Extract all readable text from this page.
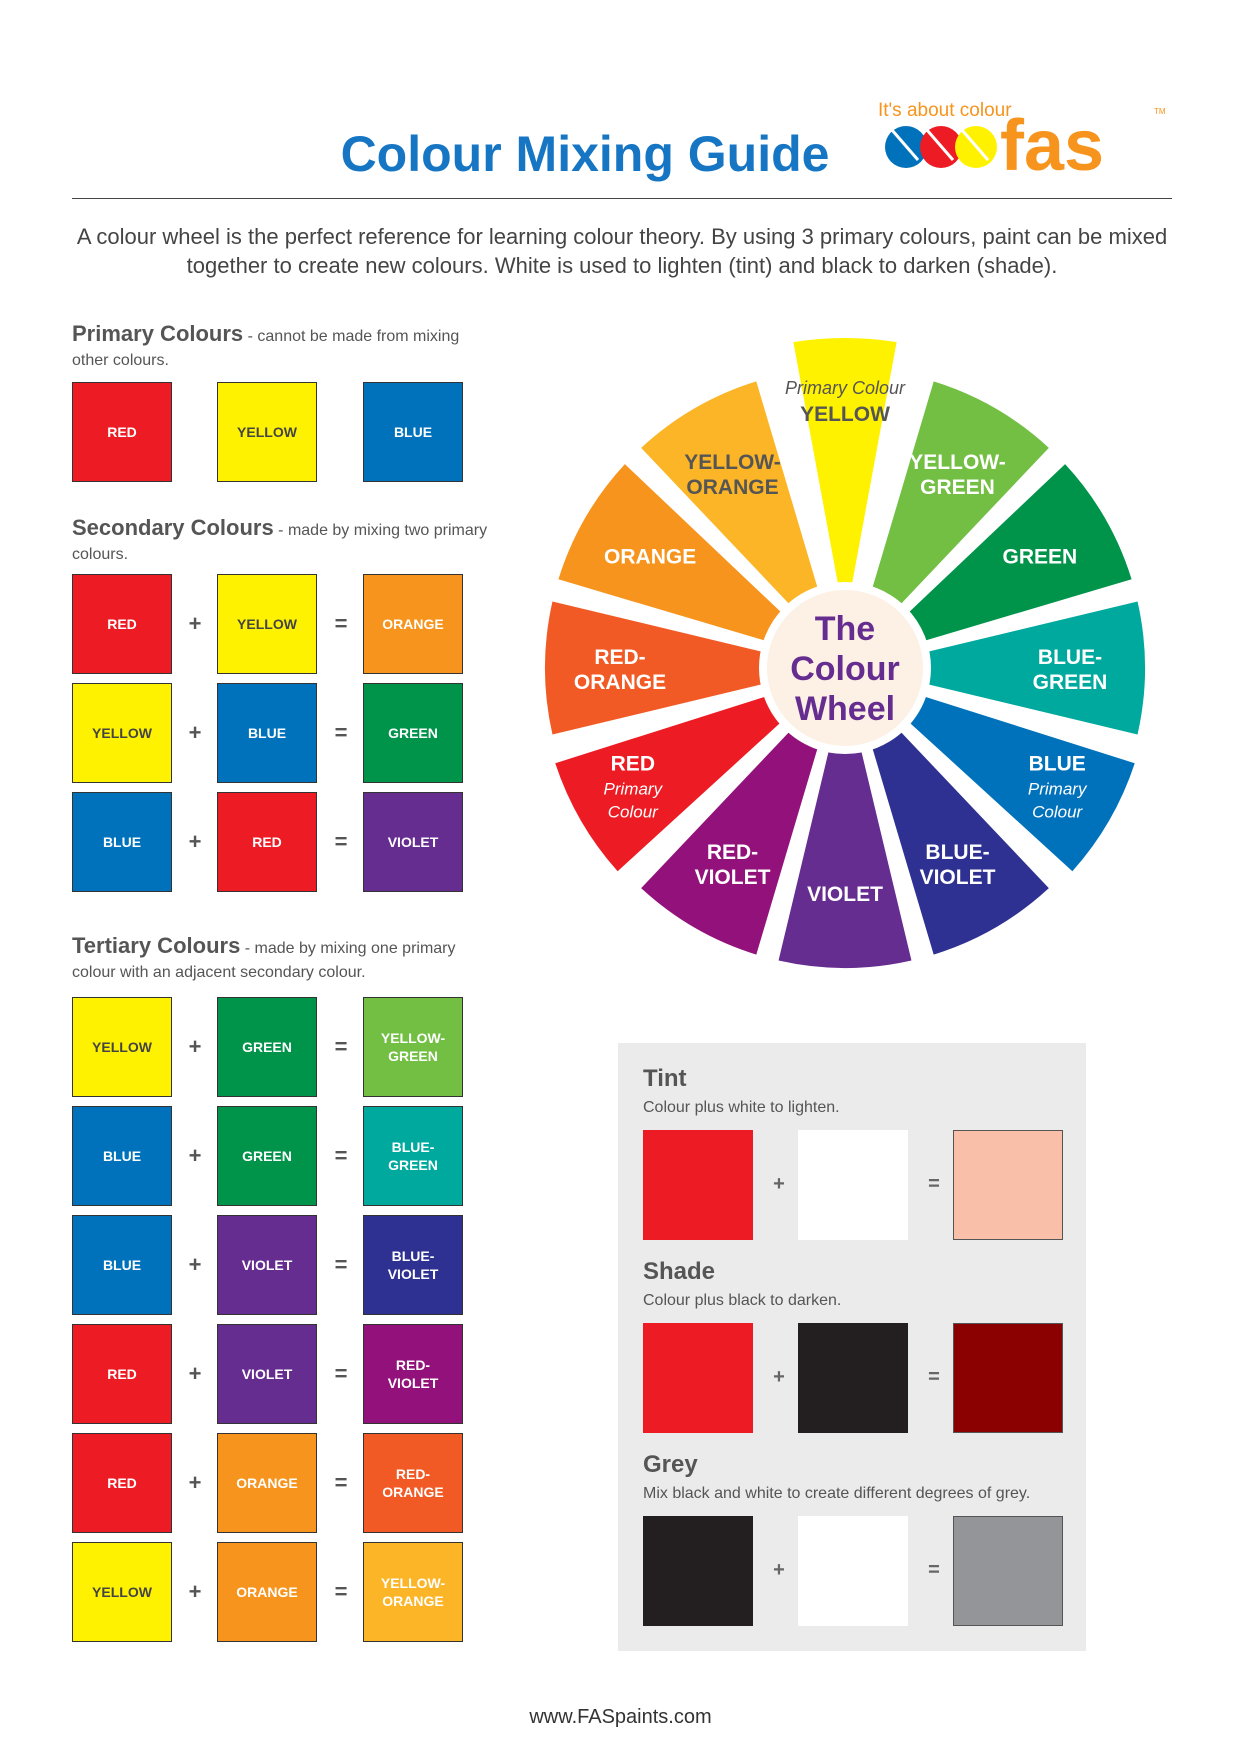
Colour Mixing Guide
It's about colour
fas	TM
A colour wheel is the perfect reference for learning colour theory. By using 3 primary colours, paint can be mixed together to create new colours. White is used to lighten (tint) and black to darken (shade).
Primary Colours - cannot be made from mixing other colours.
RED	YELLOW	BLUE
Secondary Colours - made by mixing two primary colours.
RED	+	YELLOW	=	ORANGE
YELLOW	+	BLUE	=	GREEN
BLUE	+	RED	=	VIOLET
Tertiary Colours - made by mixing one primary colour with an adjacent secondary colour.
YELLOW	+	GREEN	=	YELLOW-
GREEN
BLUE	+	GREEN	=	BLUE-
GREEN
BLUE	+	VIOLET	=	BLUE-
VIOLET
RED	+	VIOLET	=	RED-
VIOLET
RED	+	ORANGE	=	RED-
ORANGE
YELLOW	+	ORANGE	=	YELLOW-
ORANGE
The
Colour
Wheel
Primary Colour
YELLOW
YELLOW-
GREEN
GREEN
BLUE-
GREEN
BLUE
Primary
Colour
BLUE-
VIOLET
VIOLET
RED-
VIOLET
RED
Primary
Colour
RED-
ORANGE
ORANGE
YELLOW-
ORANGE
Tint
Colour plus white to lighten.
+	=
Shade
Colour plus black to darken.
+	=
Grey
Mix black and white to create different degrees of grey.
+	=
www.FASpaints.com
